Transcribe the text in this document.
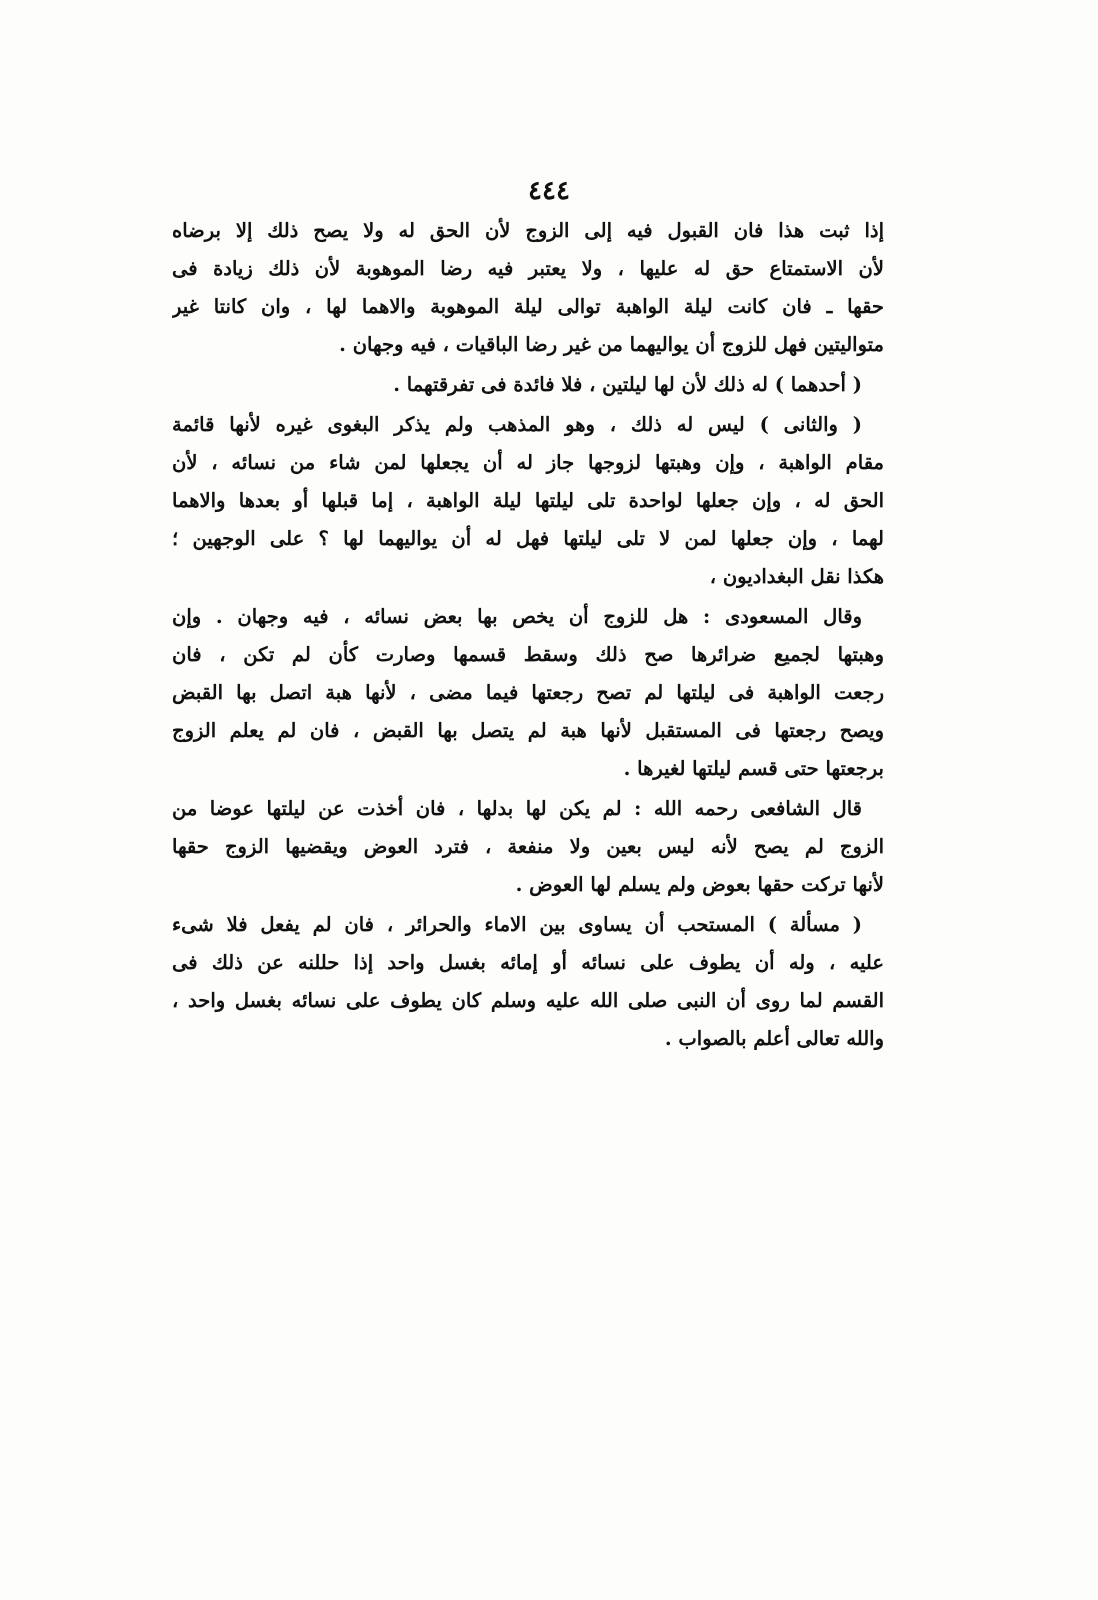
٤٤٤
إذا ثبت هذا فان القبول فيه إلى الزوج لأن الحق له ولا يصح ذلك إلا برضاه
لأن الاستمتاع حق له عليها ، ولا يعتبر فيه رضا الموهوبة لأن ذلك زيادة فى
حقها ـ فان كانت ليلة الواهبة توالى ليلة الموهوبة والاهما لها ، وان كانتا غير
متواليتين فهل للزوج أن يواليهما من غير رضا الباقيات ، فيه وجهان .
( أحدهما ) له ذلك لأن لها ليلتين ، فلا فائدة فى تفرقتهما .
( والثانى ) ليس له ذلك ، وهو المذهب ولم يذكر البغوى غيره لأنها قائمة
مقام الواهبة ، وإن وهبتها لزوجها جاز له أن يجعلها لمن شاء من نسائه ، لأن
الحق له ، وإن جعلها لواحدة تلى ليلتها ليلة الواهبة ، إما قبلها أو بعدها والاهما
لهما ، وإن جعلها لمن لا تلى ليلتها فهل له أن يواليهما لها ؟ على الوجهين ؛
هكذا نقل البغداديون ،
وقال المسعودى : هل للزوج أن يخص بها بعض نسائه ، فيه وجهان . وإن
وهبتها لجميع ضرائرها صح ذلك وسقط قسمها وصارت كأن لم تكن ، فان
رجعت الواهبة فى ليلتها لم تصح رجعتها فيما مضى ، لأنها هبة اتصل بها القبض
ويصح رجعتها فى المستقبل لأنها هبة لم يتصل بها القبض ، فان لم يعلم الزوج
برجعتها حتى قسم ليلتها لغيرها .
قال الشافعى رحمه الله : لم يكن لها بدلها ، فان أخذت عن ليلتها عوضا من
الزوج لم يصح لأنه ليس بعين ولا منفعة ، فترد العوض ويقضيها الزوج حقها
لأنها تركت حقها بعوض ولم يسلم لها العوض .
( مسألة ) المستحب أن يساوى بين الاماء والحرائر ، فان لم يفعل فلا شىء
عليه ، وله أن يطوف على نسائه أو إمائه بغسل واحد إذا حللنه عن ذلك فى
القسم لما روى أن النبى صلى الله عليه وسلم كان يطوف على نسائه بغسل واحد ،
والله تعالى أعلم بالصواب .
